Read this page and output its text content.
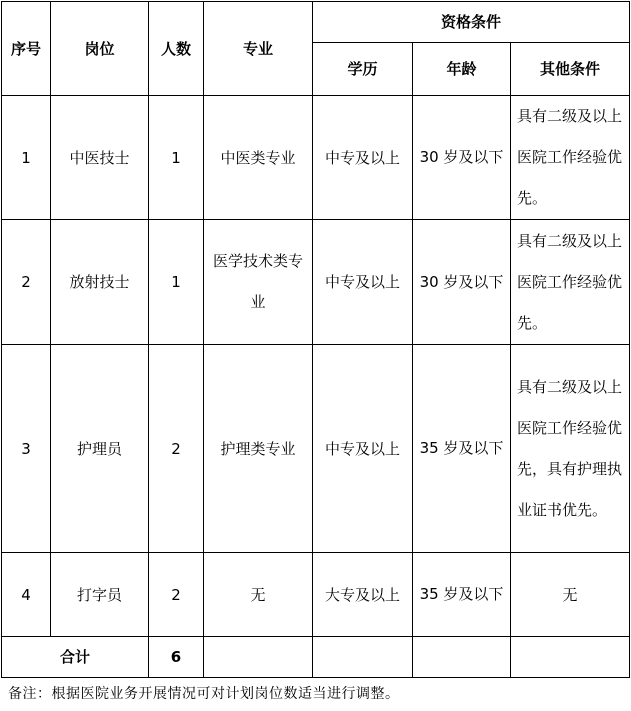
序号	岗位	人数	专业	资格条件		
				学历	年龄	其他条件
1	中医技士	1	中医类专业	中专及以上	30 岁及以下	具有二级及以上医院工作经验优先。

2	放射技士	1	医学技术类专业	中专及以上	30 岁及以下	具有二级及以上医院工作经验优先。

3	护理员	2	护理类专业	中专及以上	35 岁及以下	具有二级及以上医院工作经验优先，具有护理执业证书优先。

4	打字员	2	无	大专及以上	35 岁及以下	无
合计		6				
备注：根据医院业务开展情况可对计划岗位数适当进行调整。
